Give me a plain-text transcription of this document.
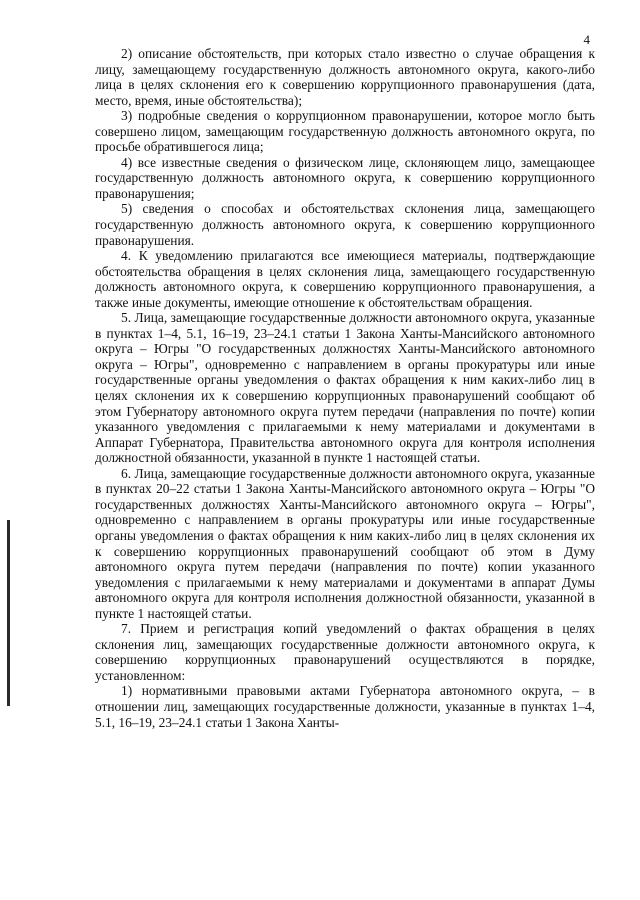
4

2) описание обстоятельств, при которых стало известно о случае обращения к лицу, замещающему государственную должность автономного округа, какого-либо лица в целях склонения его к совершению коррупционного правонарушения (дата, место, время, иные обстоятельства);

3) подробные сведения о коррупционном правонарушении, которое могло быть совершено лицом, замещающим государственную должность автономного округа, по просьбе обратившегося лица;

4) все известные сведения о физическом лице, склоняющем лицо, замещающее государственную должность автономного округа, к совершению коррупционного правонарушения;

5) сведения о способах и обстоятельствах склонения лица, замещающего государственную должность автономного округа, к совершению коррупционного правонарушения.

4. К уведомлению прилагаются все имеющиеся материалы, подтверждающие обстоятельства обращения в целях склонения лица, замещающего государственную должность автономного округа, к совершению коррупционного правонарушения, а также иные документы, имеющие отношение к обстоятельствам обращения.

5. Лица, замещающие государственные должности автономного округа, указанные в пунктах 1–4, 5.1, 16–19, 23–24.1 статьи 1 Закона Ханты-Мансийского автономного округа – Югры "О государственных должностях Ханты-Мансийского автономного округа – Югры", одновременно с направлением в органы прокуратуры или иные государственные органы уведомления о фактах обращения к ним каких-либо лиц в целях склонения их к совершению коррупционных правонарушений сообщают об этом Губернатору автономного округа путем передачи (направления по почте) копии указанного уведомления с прилагаемыми к нему материалами и документами в Аппарат Губернатора, Правительства автономного округа для контроля исполнения должностной обязанности, указанной в пункте 1 настоящей статьи.

6. Лица, замещающие государственные должности автономного округа, указанные в пунктах 20–22 статьи 1 Закона Ханты-Мансийского автономного округа – Югры "О государственных должностях Ханты-Мансийского автономного округа – Югры", одновременно с направлением в органы прокуратуры или иные государственные органы уведомления о фактах обращения к ним каких-либо лиц в целях склонения их к совершению коррупционных правонарушений сообщают об этом в Думу автономного округа путем передачи (направления по почте) копии указанного уведомления с прилагаемыми к нему материалами и документами в аппарат Думы автономного округа для контроля исполнения должностной обязанности, указанной в пункте 1 настоящей статьи.

7. Прием и регистрация копий уведомлений о фактах обращения в целях склонения лиц, замещающих государственные должности автономного округа, к совершению коррупционных правонарушений осуществляются в порядке, установленном:

1) нормативными правовыми актами Губернатора автономного округа, – в отношении лиц, замещающих государственные должности, указанные в пунктах 1–4, 5.1, 16–19, 23–24.1 статьи 1 Закона Ханты-
